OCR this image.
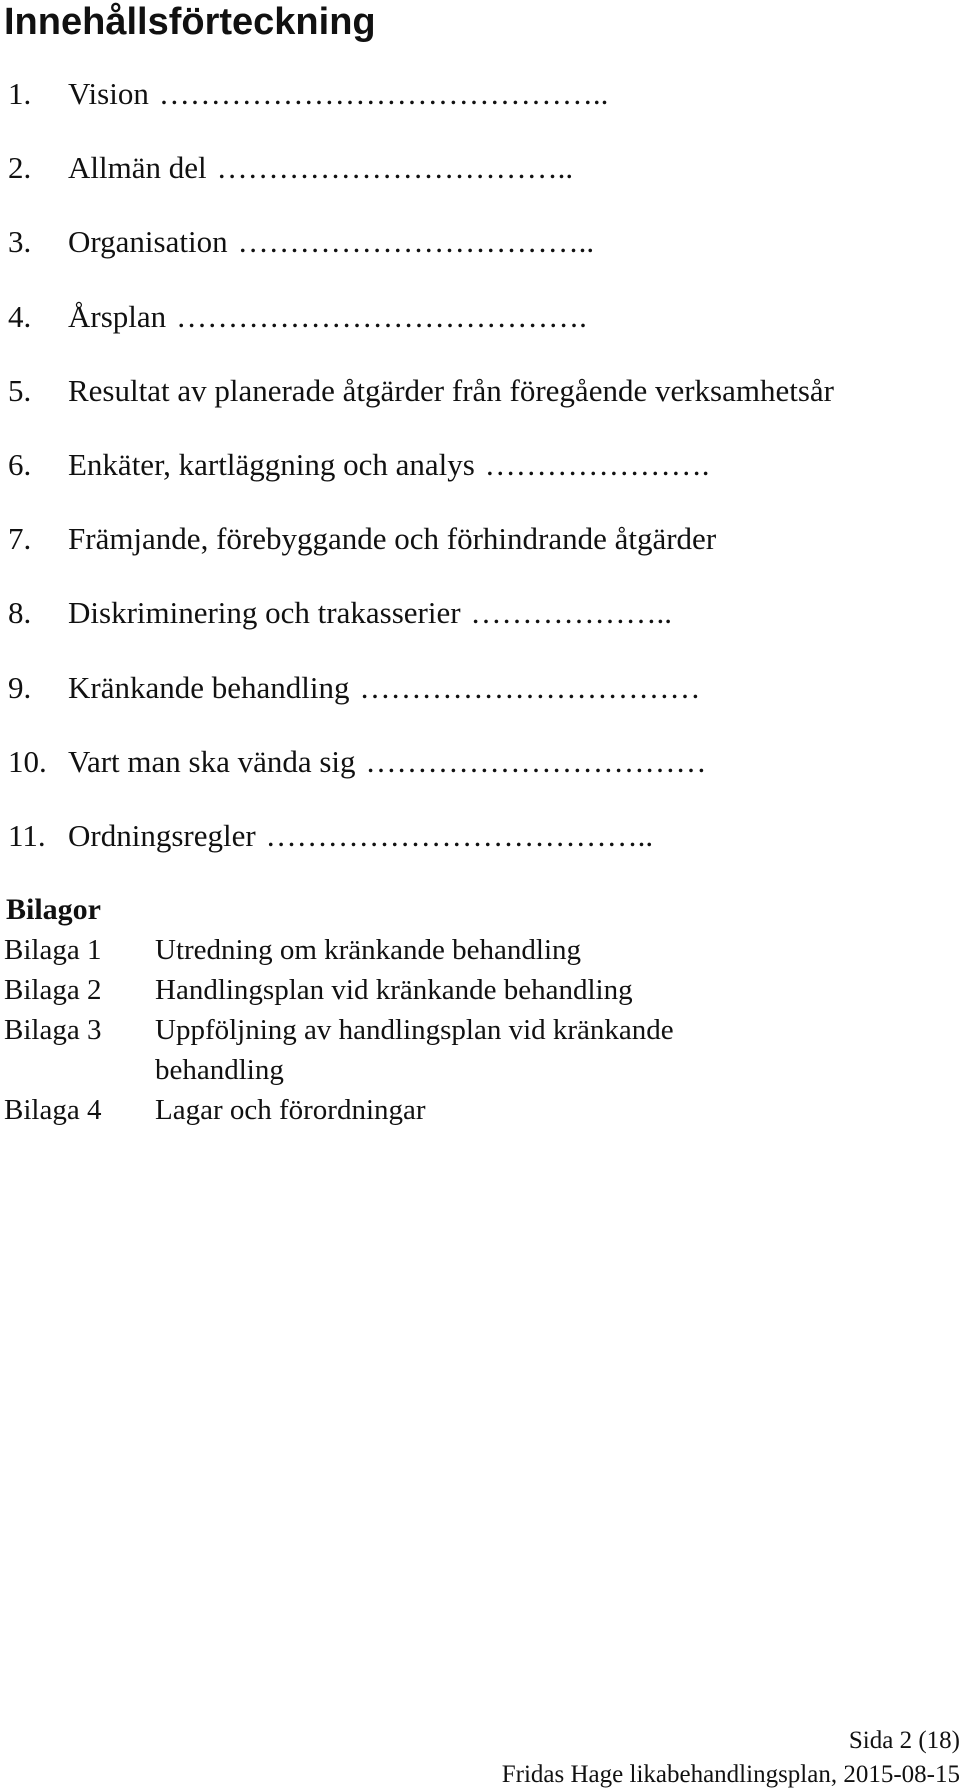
Innehållsförteckning
1.	Vision ……………………………………..
2.	Allmän del ……………………………..
3.	Organisation ……………………………..
4.	Årsplan ………………………………….
5.	Resultat av planerade åtgärder från föregående verksamhetsår
6.	Enkäter, kartläggning och analys ………………….
7.	Främjande, förebyggande och förhindrande åtgärder
8.	Diskriminering och trakasserier ………………..
9.	Kränkande behandling ……………………………
10. Vart man ska vända sig ……………………………
11. Ordningsregler ………………………………..
Bilagor
Bilaga 1	Utredning om kränkande behandling
Bilaga 2	Handlingsplan vid kränkande behandling
Bilaga 3	Uppföljning av handlingsplan vid kränkande behandling
Bilaga 4	Lagar och förordningar
Sida 2 (18)
Fridas Hage likabehandlingsplan, 2015-08-15
